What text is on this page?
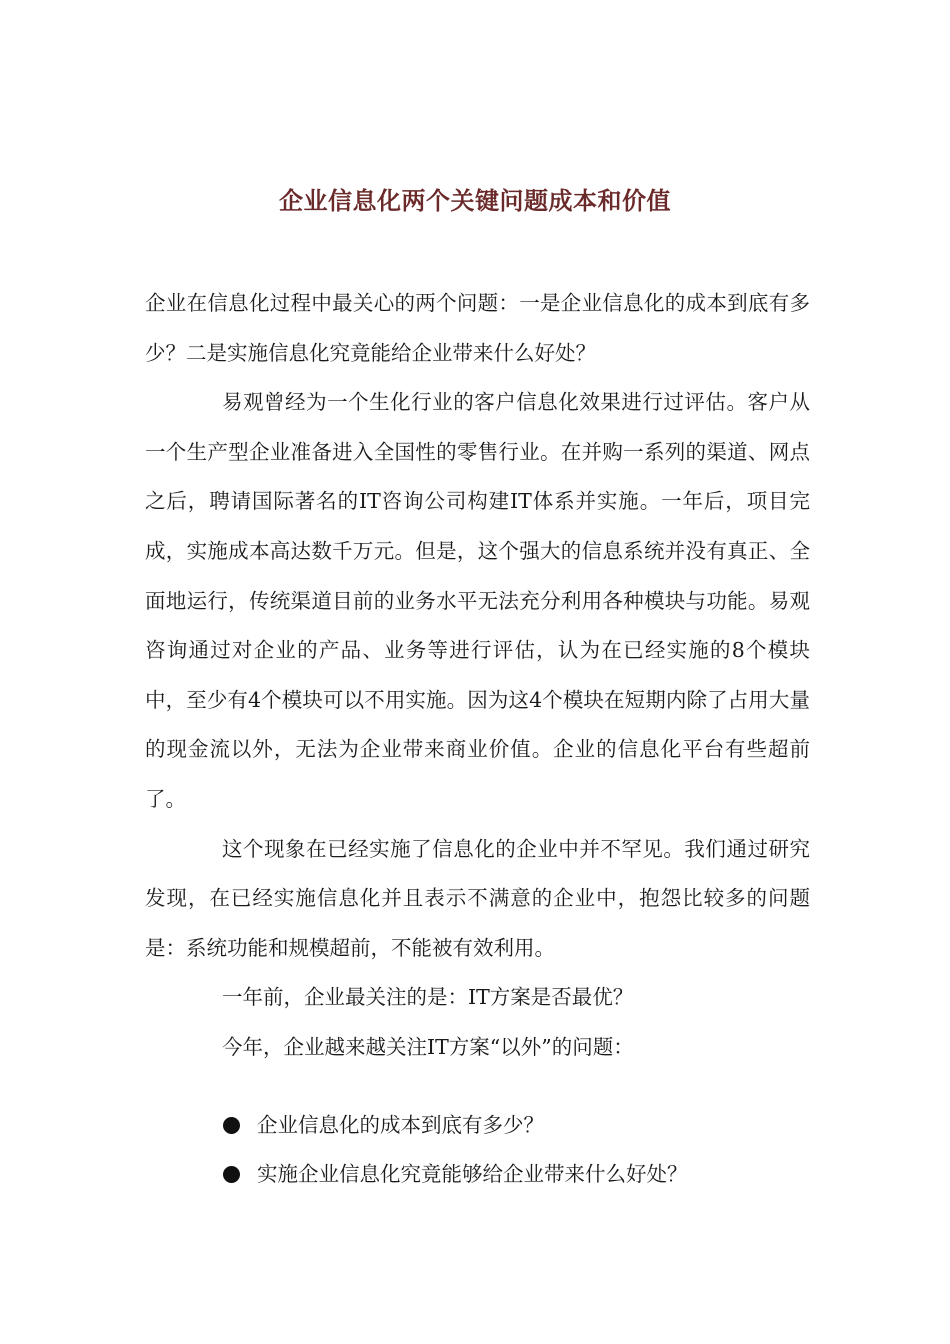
企业信息化两个关键问题成本和价值

企业在信息化过程中最关心的两个问题：一是企业信息化的成本到底有多少？二是实施信息化究竟能给企业带来什么好处？

易观曾经为一个生化行业的客户信息化效果进行过评估。客户从一个生产型企业准备进入全国性的零售行业。在并购一系列的渠道、网点之后，聘请国际著名的IT咨询公司构建IT体系并实施。一年后，项目完成，实施成本高达数千万元。但是，这个强大的信息系统并没有真正、全面地运行，传统渠道目前的业务水平无法充分利用各种模块与功能。易观咨询通过对企业的产品、业务等进行评估，认为在已经实施的8个模块中，至少有4个模块可以不用实施。因为这4个模块在短期内除了占用大量的现金流以外，无法为企业带来商业价值。企业的信息化平台有些超前了。

这个现象在已经实施了信息化的企业中并不罕见。我们通过研究发现，在已经实施信息化并且表示不满意的企业中，抱怨比较多的问题是：系统功能和规模超前，不能被有效利用。

一年前，企业最关注的是：IT方案是否最优？

今年，企业越来越关注IT方案“以外”的问题：

企业信息化的成本到底有多少？
实施企业信息化究竟能够给企业带来什么好处？
